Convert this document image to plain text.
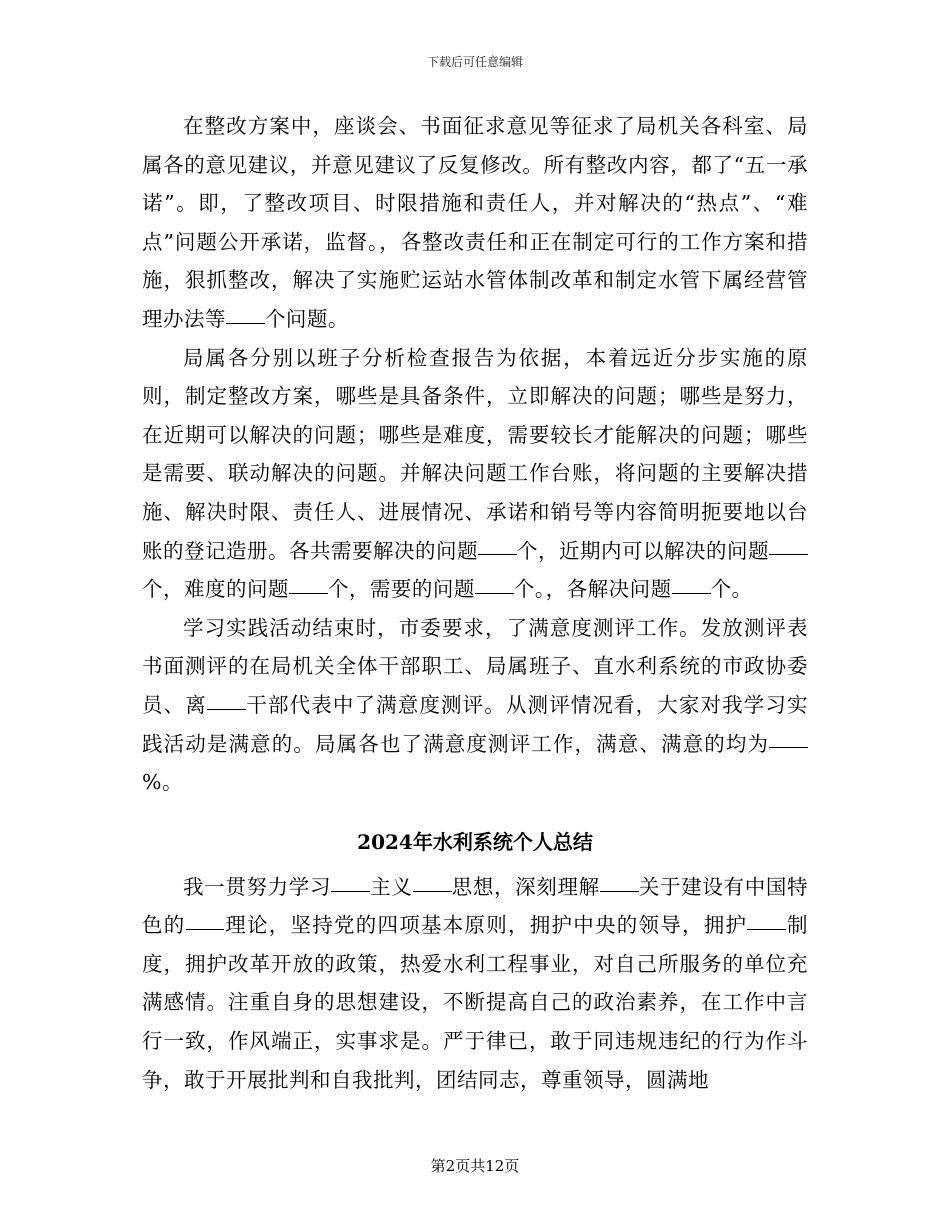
下载后可任意编辑

在整改方案中，座谈会、书面征求意见等征求了局机关各科室、局属各的意见建议，并意见建议了反复修改。所有整改内容，都了“五一承诺”。即，了整改项目、时限措施和责任人，并对解决的“热点”、“难点”问题公开承诺，监督。，各整改责任和正在制定可行的工作方案和措施，狠抓整改，解决了实施贮运站水管体制改革和制定水管下属经营管理办法等 个问题。

局属各分别以班子分析检查报告为依据，本着远近分步实施的原则，制定整改方案，哪些是具备条件，立即解决的问题；哪些是努力，在近期可以解决的问题；哪些是难度，需要较长才能解决的问题；哪些是需要、联动解决的问题。并解决问题工作台账，将问题的主要解决措施、解决时限、责任人、进展情况、承诺和销号等内容简明扼要地以台账的登记造册。各共需要解决的问题 个，近期内可以解决的问题个，难度的问题 个，需要的问题 个。，各解决问题 个。

学习实践活动结束时，市委要求，了满意度测评工作。发放测评表书面测评的在局机关全体干部职工、局属班子、直水利系统的市政协委员、离 干部代表中了满意度测评。从测评情况看，大家对我学习实践活动是满意的。局属各也了满意度测评工作，满意、满意的均为%。

2024年水利系统个人总结

我一贯努力学习 主义 思想，深刻理解 关于建设有中国特色的 理论，坚持党的四项基本原则，拥护中央的领导，拥护 制度，拥护改革开放的政策，热爱水利工程事业，对自己所服务的单位充满感情。注重自身的思想建设，不断提高自己的政治素养，在工作中言行一致，作风端正，实事求是。严于律已，敢于同违规违纪的行为作斗争，敢于开展批判和自我批判，团结同志，尊重领导，圆满地

第2页共12页
